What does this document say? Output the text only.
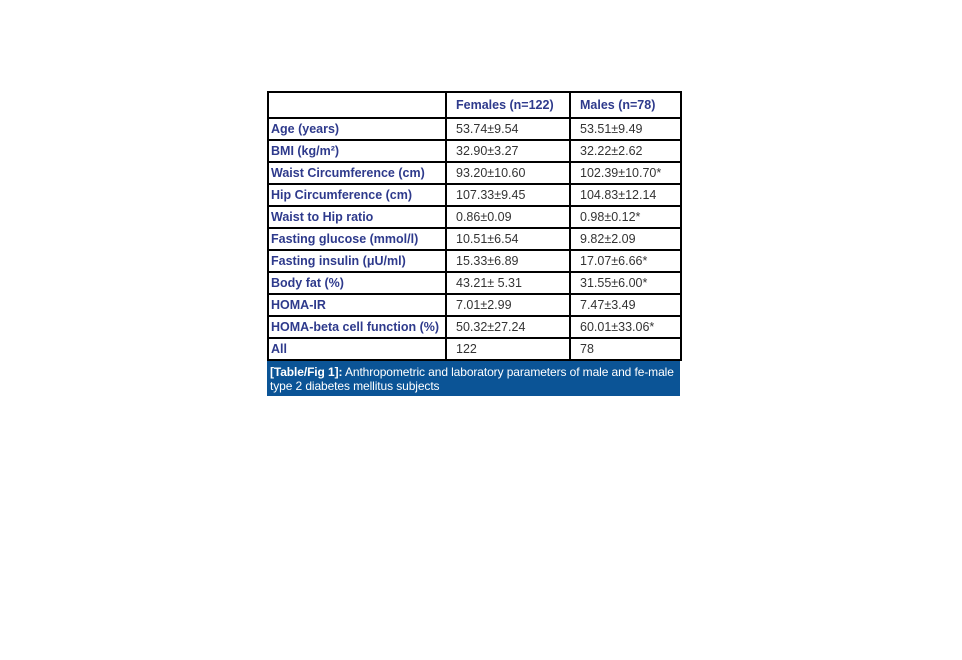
	Females (n=122)	Males (n=78)
Age (years)	53.74±9.54	53.51±9.49
BMI (kg/m²)	32.90±3.27	32.22±2.62
Waist Circumference (cm)	93.20±10.60	102.39±10.70*
Hip Circumference (cm)	107.33±9.45	104.83±12.14
Waist to Hip ratio	0.86±0.09	0.98±0.12*
Fasting glucose (mmol/l)	10.51±6.54	9.82±2.09
Fasting insulin (μU/ml)	15.33±6.89	17.07±6.66*
Body fat (%)	43.21± 5.31	31.55±6.00*
HOMA-IR	7.01±2.99	7.47±3.49
HOMA-beta cell function (%)	50.32±27.24	60.01±33.06*
All	122	78
[Table/Fig 1]: Anthropometric and laboratory parameters of male and fe-male type 2 diabetes mellitus subjects
